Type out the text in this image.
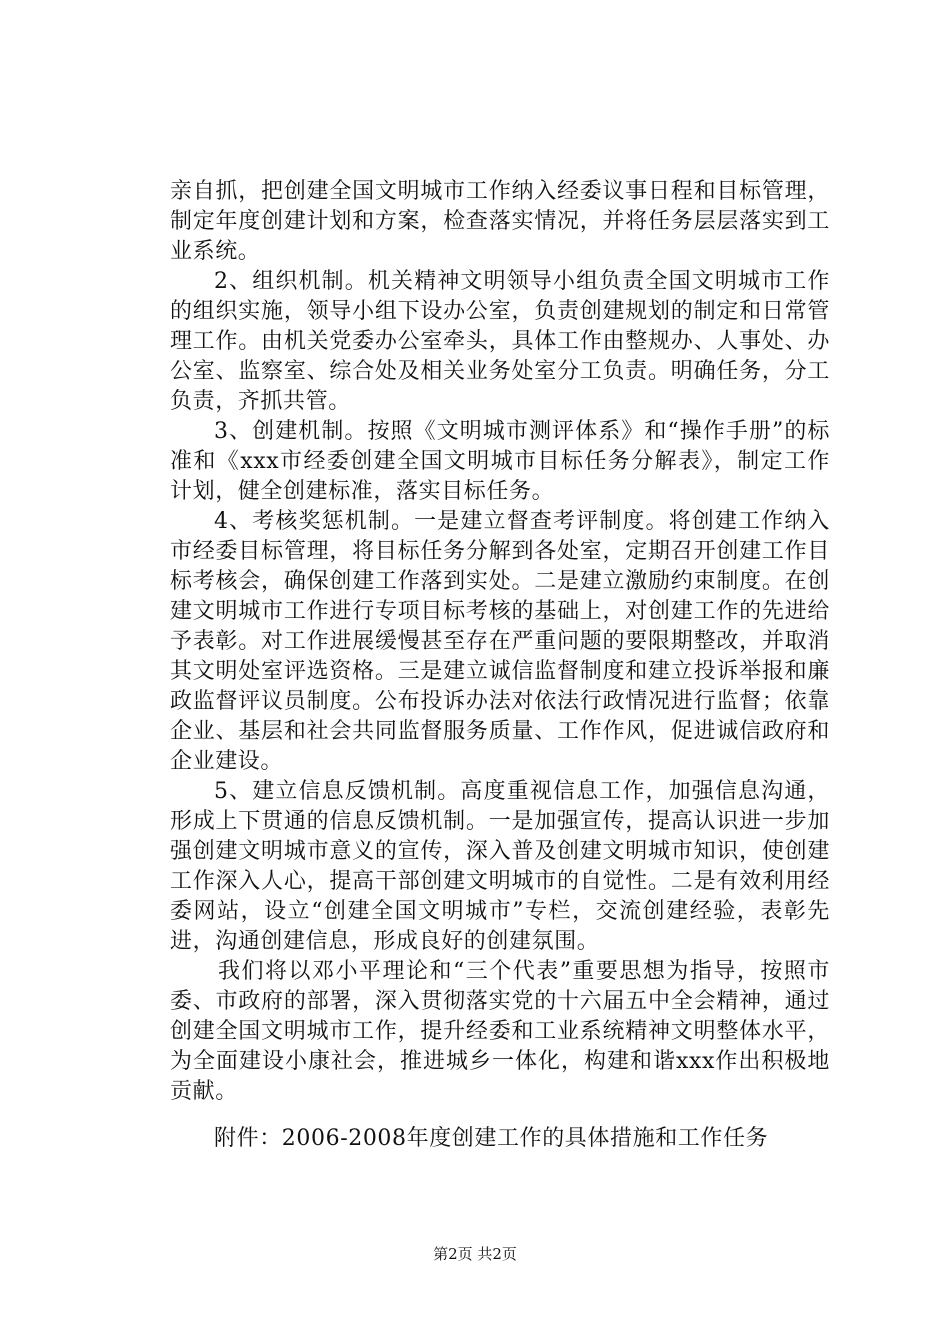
亲自抓，把创建全国文明城市工作纳入经委议事日程和目标管理，制定年度创建计划和方案，检查落实情况，并将任务层层落实到工业系统。

2、组织机制。机关精神文明领导小组负责全国文明城市工作的组织实施，领导小组下设办公室，负责创建规划的制定和日常管理工作。由机关党委办公室牵头，具体工作由整规办、人事处、办公室、监察室、综合处及相关业务处室分工负责。明确任务，分工负责，齐抓共管。

3、创建机制。按照《文明城市测评体系》和“操作手册”的标准和《xxx市经委创建全国文明城市目标任务分解表》，制定工作计划，健全创建标准，落实目标任务。

4、考核奖惩机制。一是建立督查考评制度。将创建工作纳入市经委目标管理，将目标任务分解到各处室，定期召开创建工作目标考核会，确保创建工作落到实处。二是建立激励约束制度。在创建文明城市工作进行专项目标考核的基础上，对创建工作的先进给予表彰。对工作进展缓慢甚至存在严重问题的要限期整改，并取消其文明处室评选资格。三是建立诚信监督制度和建立投诉举报和廉政监督评议员制度。公布投诉办法对依法行政情况进行监督；依靠企业、基层和社会共同监督服务质量、工作作风，促进诚信政府和企业建设。

5、建立信息反馈机制。高度重视信息工作，加强信息沟通，形成上下贯通的信息反馈机制。一是加强宣传，提高认识进一步加强创建文明城市意义的宣传，深入普及创建文明城市知识，使创建工作深入人心，提高干部创建文明城市的自觉性。二是有效利用经委网站，设立“创建全国文明城市”专栏，交流创建经验，表彰先进，沟通创建信息，形成良好的创建氛围。

我们将以邓小平理论和“三个代表”重要思想为指导，按照市委、市政府的部署，深入贯彻落实党的十六届五中全会精神，通过创建全国文明城市工作，提升经委和工业系统精神文明整体水平，为全面建设小康社会，推进城乡一体化，构建和谐xxx作出积极地贡献。

附件：2006-2008年度创建工作的具体措施和工作任务

第2页 共2页
